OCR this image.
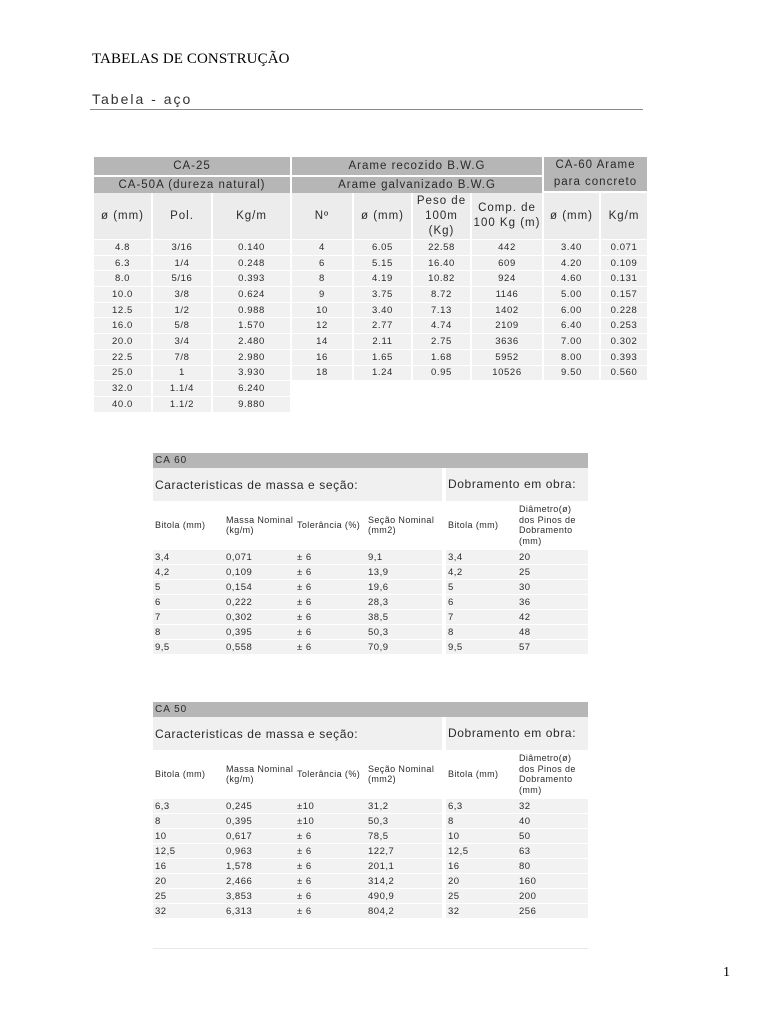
TABELAS DE CONSTRUÇÃO
Tabela - aço
CA-25			Arame recozido B.W.G				CA-60 Arame para concreto	
CA-50A (dureza natural)			Arame galvanizado B.W.G					
ø (mm)	Pol.	Kg/m	Nº	ø (mm)	Peso de 100m (Kg)	Comp. de 100 Kg (m)	ø (mm)	Kg/m
4.8	3/16	0.140	4	6.05	22.58	442	3.40	0.071
6.3	1/4	0.248	6	5.15	16.40	609	4.20	0.109
8.0	5/16	0.393	8	4.19	10.82	924	4.60	0.131
10.0	3/8	0.624	9	3.75	8.72	1146	5.00	0.157
12.5	1/2	0.988	10	3.40	7.13	1402	6.00	0.228
16.0	5/8	1.570	12	2.77	4.74	2109	6.40	0.253
20.0	3/4	2.480	14	2.11	2.75	3636	7.00	0.302
22.5	7/8	2.980	16	1.65	1.68	5952	8.00	0.393
25.0	1	3.930	18	1.24	0.95	10526	9.50	0.560
32.0	1.1/4	6.240						
40.0	1.1/2	9.880						
CA 60						
Caracteristicas de massa e seção:					Dobramento em obra:	
Bitola (mm)	Massa Nominal (kg/m)	Tolerância (%)	Seção Nominal (mm2)		Bitola (mm)	Diâmetro(ø) dos Pinos de Dobramento (mm)
3,4	0,071	± 6	9,1		3,4	20
4,2	0,109	± 6	13,9		4,2	25
5	0,154	± 6	19,6		5	30
6	0,222	± 6	28,3		6	36
7	0,302	± 6	38,5		7	42
8	0,395	± 6	50,3		8	48
9,5	0,558	± 6	70,9		9,5	57
CA 50						
Caracteristicas de massa e seção:					Dobramento em obra:	
Bitola (mm)	Massa Nominal (kg/m)	Tolerância (%)	Seção Nominal (mm2)		Bitola (mm)	Diâmetro(ø) dos Pinos de Dobramento (mm)
6,3	0,245	±10	31,2		6,3	32
8	0,395	±10	50,3		8	40
10	0,617	± 6	78,5		10	50
12,5	0,963	± 6	122,7		12,5	63
16	1,578	± 6	201,1		16	80
20	2,466	± 6	314,2		20	160
25	3,853	± 6	490,9		25	200
32	6,313	± 6	804,2		32	256
1
